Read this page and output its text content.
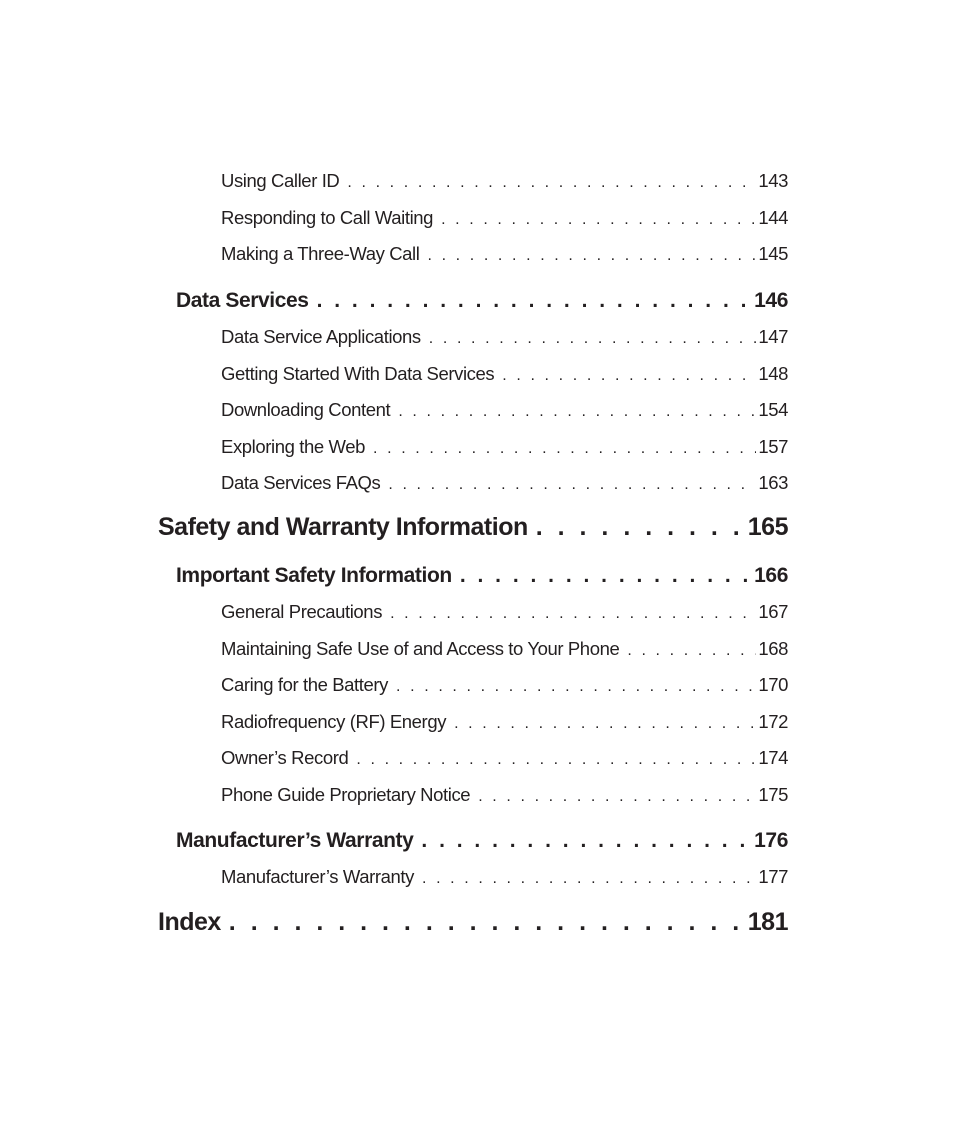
Using Caller ID . . .	143
Responding to Call Waiting . . .	144
Making a Three-Way Call . . .	145
Data Services . . .	146
Data Service Applications . . .	147
Getting Started With Data Services . . .	148
Downloading Content . . .	154
Exploring the Web . . .	157
Data Services FAQs . . .	163
Safety and Warranty Information . . .	165
Important Safety Information . . .	166
General Precautions . . .	167
Maintaining Safe Use of and Access to Your Phone . . .	168
Caring for the Battery . . .	170
Radiofrequency (RF) Energy . . .	172
Owner’s Record . . .	174
Phone Guide Proprietary Notice . . .	175
Manufacturer’s Warranty . . .	176
Manufacturer’s Warranty . . .	177
Index . . .	181
